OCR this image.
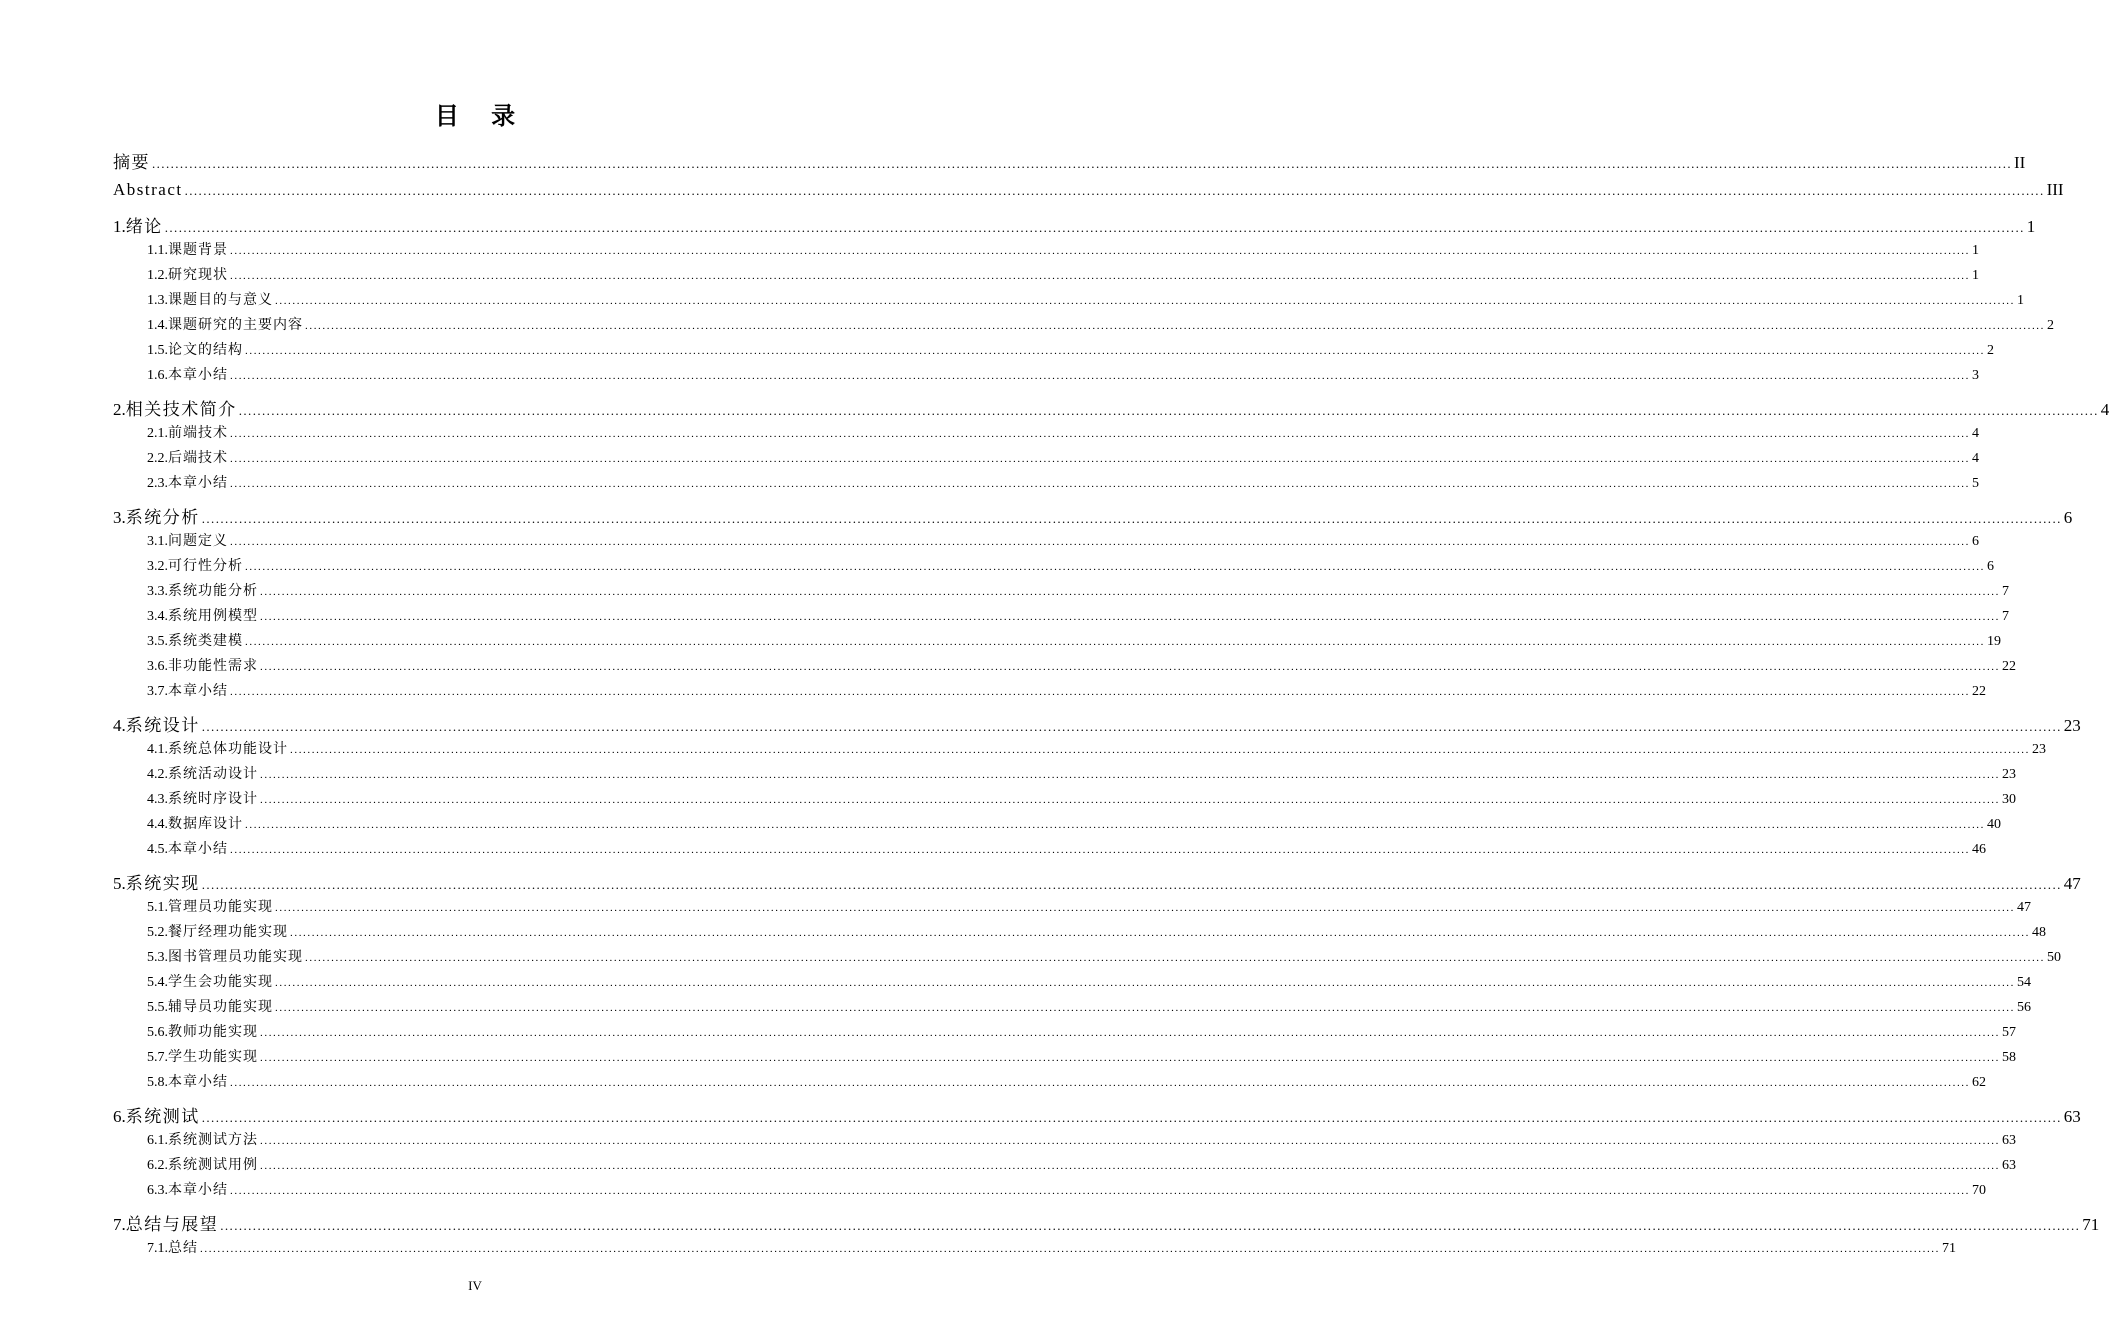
目 录
摘要 ................................................................................................................................................................................................................................................................................................................................................................................................................ II
Abstract ................................................................................................................................................................................................................................................................................................................................................................................................................ III
1. 绪论 ................................................................................................................................................................................................................................................................................................................................................................................................................ 1
1.1. 课题背景 ................................................................................................................................................................................................................................................................................................................................................................................................................ 1
1.2. 研究现状 ................................................................................................................................................................................................................................................................................................................................................................................................................ 1
1.3. 课题目的与意义 ................................................................................................................................................................................................................................................................................................................................................................................................................ 1
1.4. 课题研究的主要内容 ................................................................................................................................................................................................................................................................................................................................................................................................................ 2
1.5. 论文的结构 ................................................................................................................................................................................................................................................................................................................................................................................................................ 2
1.6. 本章小结 ................................................................................................................................................................................................................................................................................................................................................................................................................ 3
2. 相关技术简介 ................................................................................................................................................................................................................................................................................................................................................................................................................ 4
2.1. 前端技术 ................................................................................................................................................................................................................................................................................................................................................................................................................ 4
2.2. 后端技术 ................................................................................................................................................................................................................................................................................................................................................................................................................ 4
2.3. 本章小结 ................................................................................................................................................................................................................................................................................................................................................................................................................ 5
3. 系统分析 ................................................................................................................................................................................................................................................................................................................................................................................................................ 6
3.1. 问题定义 ................................................................................................................................................................................................................................................................................................................................................................................................................ 6
3.2. 可行性分析 ................................................................................................................................................................................................................................................................................................................................................................................................................ 6
3.3. 系统功能分析 ................................................................................................................................................................................................................................................................................................................................................................................................................ 7
3.4. 系统用例模型 ................................................................................................................................................................................................................................................................................................................................................................................................................ 7
3.5. 系统类建模 ................................................................................................................................................................................................................................................................................................................................................................................................................ 19
3.6. 非功能性需求 ................................................................................................................................................................................................................................................................................................................................................................................................................ 22
3.7. 本章小结 ................................................................................................................................................................................................................................................................................................................................................................................................................ 22
4. 系统设计 ................................................................................................................................................................................................................................................................................................................................................................................................................ 23
4.1. 系统总体功能设计 ................................................................................................................................................................................................................................................................................................................................................................................................................ 23
4.2. 系统活动设计 ................................................................................................................................................................................................................................................................................................................................................................................................................ 23
4.3. 系统时序设计 ................................................................................................................................................................................................................................................................................................................................................................................................................ 30
4.4. 数据库设计 ................................................................................................................................................................................................................................................................................................................................................................................................................ 40
4.5. 本章小结 ................................................................................................................................................................................................................................................................................................................................................................................................................ 46
5. 系统实现 ................................................................................................................................................................................................................................................................................................................................................................................................................ 47
5.1. 管理员功能实现 ................................................................................................................................................................................................................................................................................................................................................................................................................ 47
5.2. 餐厅经理功能实现 ................................................................................................................................................................................................................................................................................................................................................................................................................ 48
5.3. 图书管理员功能实现 ................................................................................................................................................................................................................................................................................................................................................................................................................ 50
5.4. 学生会功能实现 ................................................................................................................................................................................................................................................................................................................................................................................................................ 54
5.5. 辅导员功能实现 ................................................................................................................................................................................................................................................................................................................................................................................................................ 56
5.6. 教师功能实现 ................................................................................................................................................................................................................................................................................................................................................................................................................ 57
5.7. 学生功能实现 ................................................................................................................................................................................................................................................................................................................................................................................................................ 58
5.8. 本章小结 ................................................................................................................................................................................................................................................................................................................................................................................................................ 62
6. 系统测试 ................................................................................................................................................................................................................................................................................................................................................................................................................ 63
6.1. 系统测试方法 ................................................................................................................................................................................................................................................................................................................................................................................................................ 63
6.2. 系统测试用例 ................................................................................................................................................................................................................................................................................................................................................................................................................ 63
6.3. 本章小结 ................................................................................................................................................................................................................................................................................................................................................................................................................ 70
7. 总结与展望 ................................................................................................................................................................................................................................................................................................................................................................................................................ 71
7.1. 总结 ................................................................................................................................................................................................................................................................................................................................................................................................................ 71
IV
